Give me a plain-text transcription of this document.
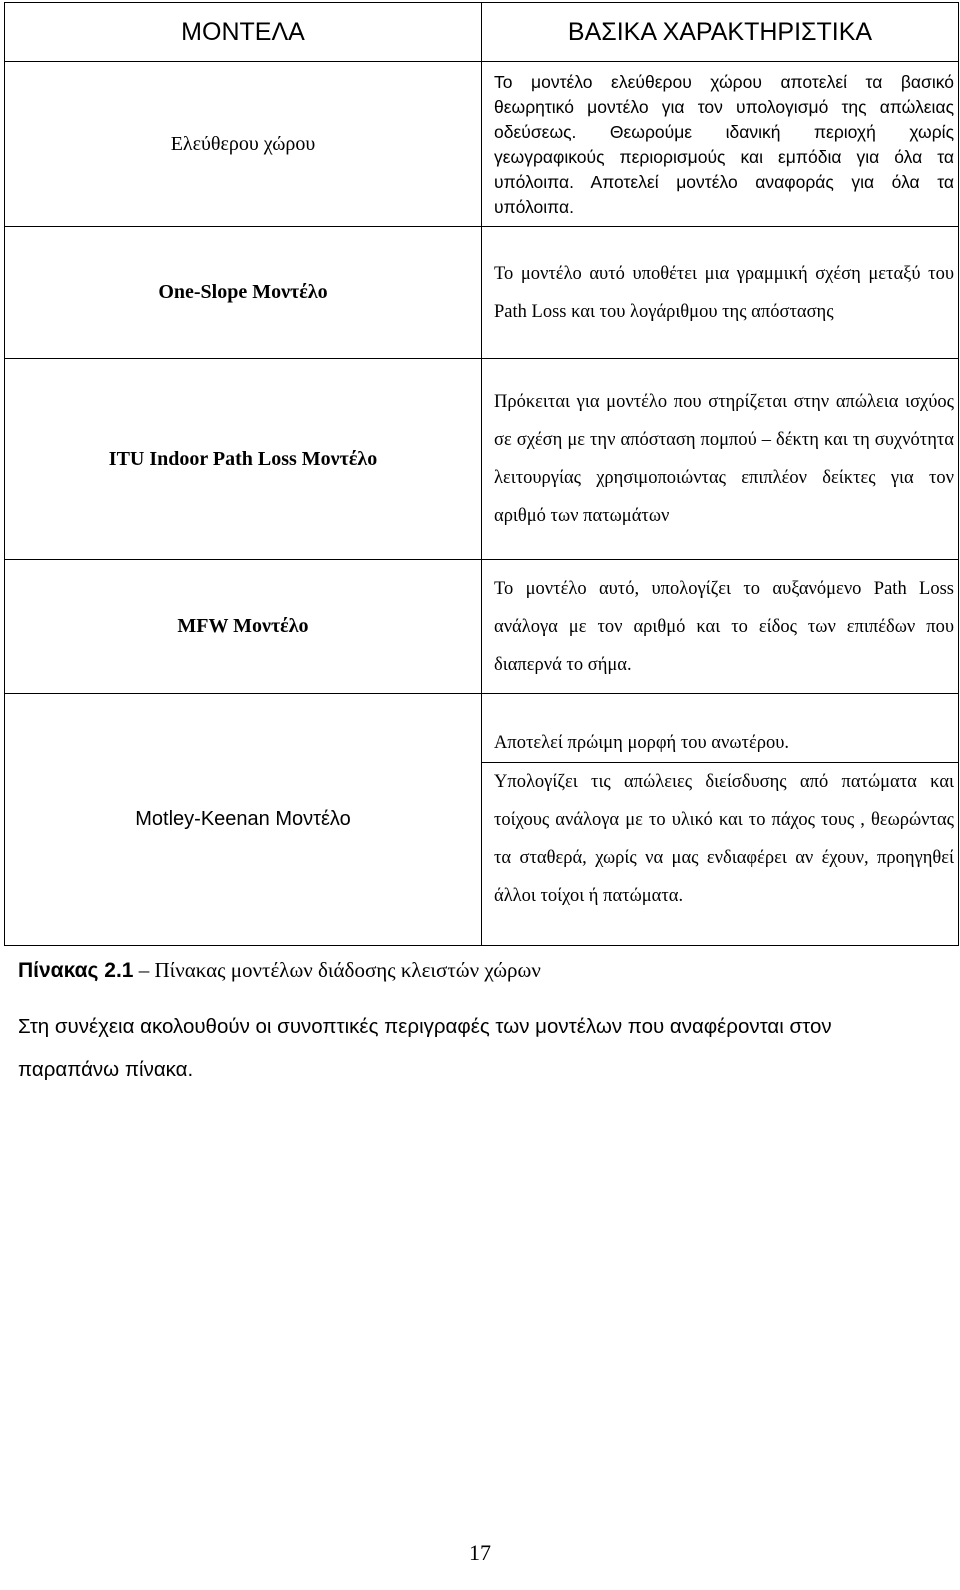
ΜΟΝΤΕΛΑ	ΒΑΣΙΚΑ ΧΑΡΑΚΤΗΡΙΣΤΙΚΑ
Ελεύθερου χώρου	Το μοντέλο ελεύθερου χώρου αποτελεί τα βασικό θεωρητικό μοντέλο για τον υπολογισμό της απώλειας οδεύσεως. Θεωρούμε ιδανική περιοχή χωρίς γεωγραφικούς περιορισμούς και εμπόδια για όλα τα υπόλοιπα. Αποτελεί μοντέλο αναφοράς για όλα τα υπόλοιπα.
One-Slope Μοντέλο	Το μοντέλο αυτό υποθέτει μια γραμμική σχέση μεταξύ του Path Loss και του λογάριθμου της απόστασης
ITU Indoor Path Loss Μοντέλο	Πρόκειται για μοντέλο που στηρίζεται στην απώλεια ισχύος σε σχέση με την απόσταση πομπού – δέκτη και τη συχνότητα λειτουργίας χρησιμοποιώντας επιπλέον δείκτες για τον αριθμό των πατωμάτων
MFW Μοντέλο	Το μοντέλο αυτό, υπολογίζει το αυξανόμενο Path Loss ανάλογα με τον αριθμό και το είδος των επιπέδων που διαπερνά το σήμα.
Motley-Keenan Μοντέλο	Αποτελεί πρώιμη μορφή του ανωτέρου.

Υπολογίζει τις απώλειες διείσδυσης από πατώματα και τοίχους ανάλογα με το υλικό και το πάχος τους , θεωρώντας τα σταθερά, χωρίς να μας ενδιαφέρει αν έχουν, προηγηθεί άλλοι τοίχοι ή πατώματα.

Πίνακας 2.1 – Πίνακας μοντέλων διάδοσης κλειστών χώρων
Στη συνέχεια ακολουθούν οι συνοπτικές περιγραφές των μοντέλων που αναφέρονται στον παραπάνω πίνακα.
17
